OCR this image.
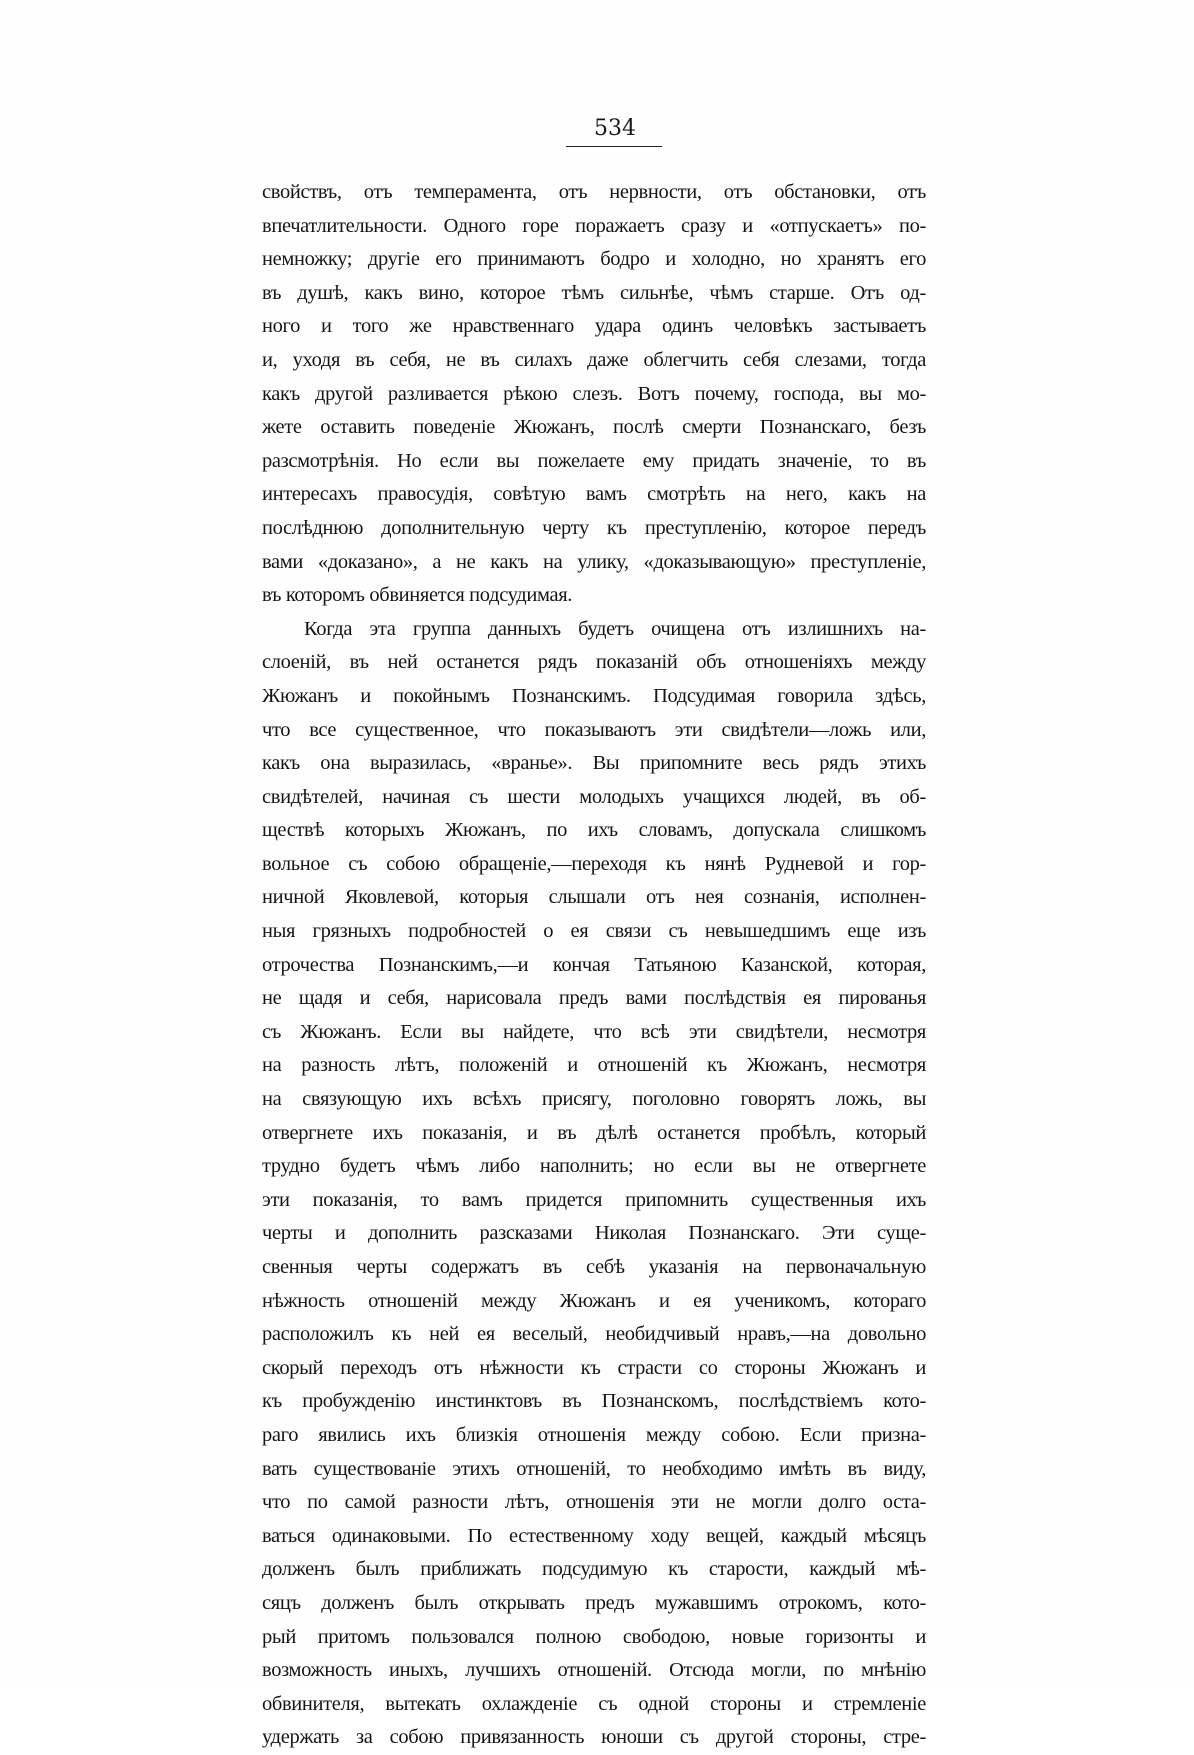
534
свойствъ, отъ темперамента, отъ нервности, отъ обстановки, отъ
впечатлительности. Одного горе поражаетъ сразу и «отпускаетъ» по-
немножку; другіе его принимаютъ бодро и холодно, но хранятъ его
въ душѣ, какъ вино, которое тѣмъ сильнѣе, чѣмъ старше. Отъ од-
ного и того же нравственнаго удара одинъ человѣкъ застываетъ
и, уходя въ себя, не въ силахъ даже облегчить себя слезами, тогда
какъ другой разливается рѣкою слезъ. Вотъ почему, господа, вы мо-
жете оставить поведеніе Жюжанъ, послѣ смерти Познанскаго, безъ
разсмотрѣнія. Но если вы пожелаете ему придать значеніе, то въ
интересахъ правосудія, совѣтую вамъ смотрѣть на него, какъ на
послѣднюю дополнительную черту къ преступленію, которое передъ
вами «доказано», а не какъ на улику, «доказывающую» преступленіе,
въ которомъ обвиняется подсудимая.
Когда эта группа данныхъ будетъ очищена отъ излишнихъ на-
слоеній, въ ней останется рядъ показаній объ отношеніяхъ между
Жюжанъ и покойнымъ Познанскимъ. Подсудимая говорила здѣсь,
что все существенное, что показываютъ эти свидѣтели—ложь или,
какъ она выразилась, «вранье». Вы припомните весь рядъ этихъ
свидѣтелей, начиная съ шести молодыхъ учащихся людей, въ об-
ществѣ которыхъ Жюжанъ, по ихъ словамъ, допускала слишкомъ
вольное съ собою обращеніе,—переходя къ нянѣ Рудневой и гор-
ничной Яковлевой, которыя слышали отъ нея сознанія, исполнен-
ныя грязныхъ подробностей о ея связи съ невышедшимъ еще изъ
отрочества Познанскимъ,—и кончая Татьяною Казанской, которая,
не щадя и себя, нарисовала предъ вами послѣдствія ея пированья
съ Жюжанъ. Если вы найдете, что всѣ эти свидѣтели, несмотря
на разность лѣтъ, положеній и отношеній къ Жюжанъ, несмотря
на связующую ихъ всѣхъ присягу, поголовно говорятъ ложь, вы
отвергнете ихъ показанія, и въ дѣлѣ останется пробѣлъ, который
трудно будетъ чѣмъ либо наполнить; но если вы не отвергнете
эти показанія, то вамъ придется припомнить существенныя ихъ
черты и дополнить разсказами Николая Познанскаго. Эти суще-
свенныя черты содержатъ въ себѣ указанія на первоначальную
нѣжность отношеній между Жюжанъ и ея ученикомъ, котораго
расположилъ къ ней ея веселый, необидчивый нравъ,—на довольно
скорый переходъ отъ нѣжности къ страсти со стороны Жюжанъ и
къ пробужденію инстинктовъ въ Познанскомъ, послѣдствіемъ кото-
раго явились ихъ близкія отношенія между собою. Если призна-
вать существованіе этихъ отношеній, то необходимо имѣть въ виду,
что по самой разности лѣтъ, отношенія эти не могли долго оста-
ваться одинаковыми. По естественному ходу вещей, каждый мѣсяцъ
долженъ былъ приближать подсудимую къ старости, каждый мѣ-
сяцъ долженъ былъ открывать предъ мужавшимъ отрокомъ, кото-
рый притомъ пользовался полною свободою, новые горизонты и
возможность иныхъ, лучшихъ отношеній. Отсюда могли, по мнѣнію
обвинителя, вытекать охлажденіе съ одной стороны и стремленіе
удержать за собою привязанность юноши съ другой стороны, стре-
